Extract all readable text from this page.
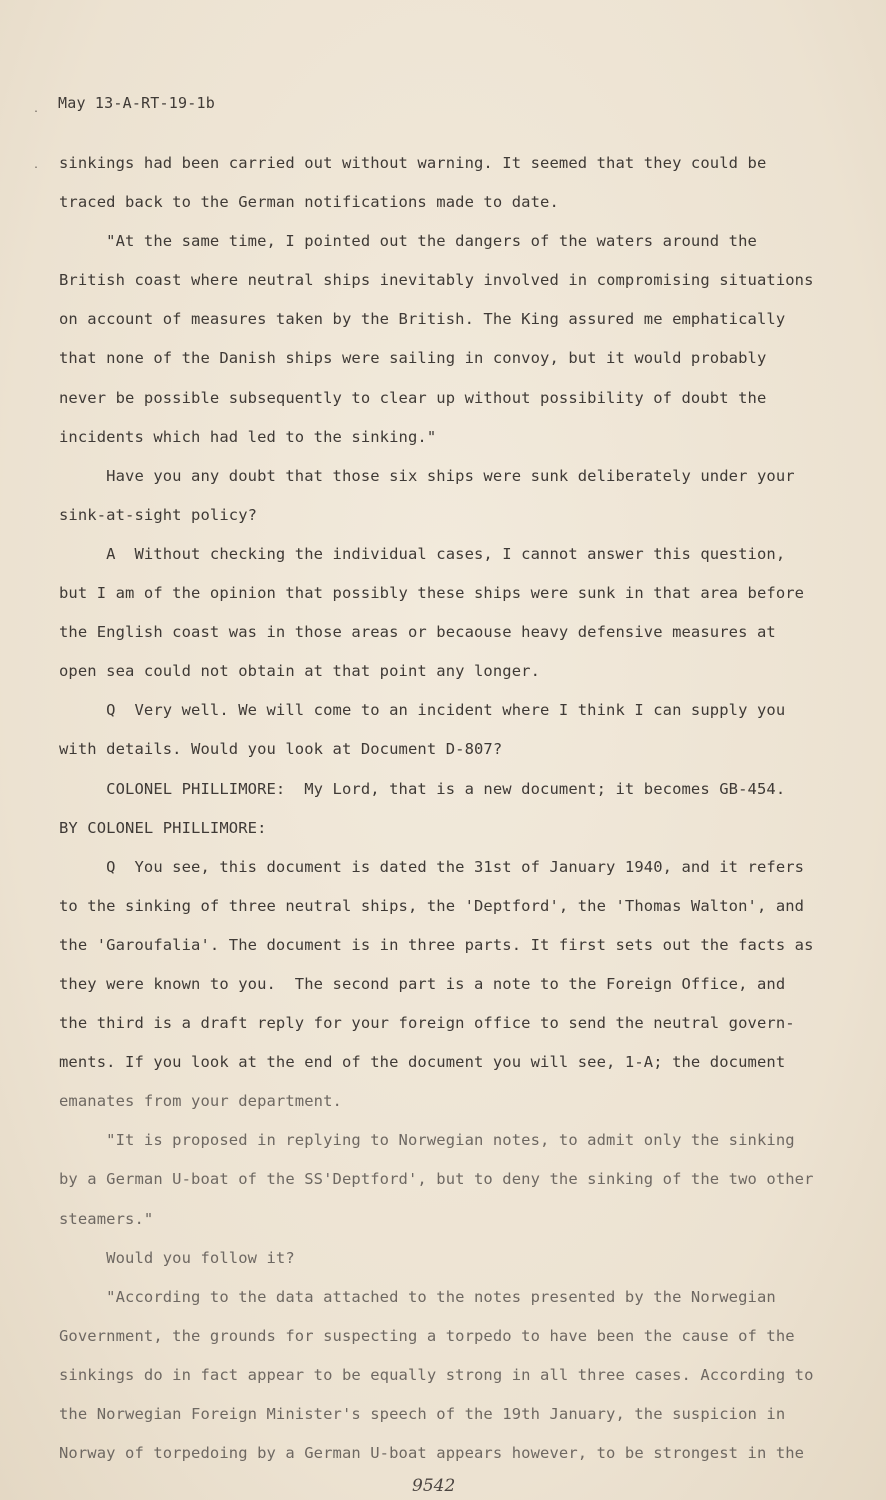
.
.
May 13-A-RT-19-1b
sinkings had been carried out without warning. It seemed that they could be
traced back to the German notifications made to date.
"At the same time, I pointed out the dangers of the waters around the
British coast where neutral ships inevitably involved in compromising situations
on account of measures taken by the British. The King assured me emphatically
that none of the Danish ships were sailing in convoy, but it would probably
never be possible subsequently to clear up without possibility of doubt the
incidents which had led to the sinking."
Have you any doubt that those six ships were sunk deliberately under your
sink-at-sight policy?
A  Without checking the individual cases, I cannot answer this question,
but I am of the opinion that possibly these ships were sunk in that area before
the English coast was in those areas or becaouse heavy defensive measures at
open sea could not obtain at that point any longer.
Q  Very well. We will come to an incident where I think I can supply you
with details. Would you look at Document D-807?
COLONEL PHILLIMORE:  My Lord, that is a new document; it becomes GB-454.
BY COLONEL PHILLIMORE:
Q  You see, this document is dated the 31st of January 1940, and it refers
to the sinking of three neutral ships, the 'Deptford', the 'Thomas Walton', and
the 'Garoufalia'. The document is in three parts. It first sets out the facts as
they were known to you.  The second part is a note to the Foreign Office, and
the third is a draft reply for your foreign office to send the neutral govern-
ments. If you look at the end of the document you will see, 1-A; the document
emanates from your department.
"It is proposed in replying to Norwegian notes, to admit only the sinking
by a German U-boat of the SS'Deptford', but to deny the sinking of the two other
steamers."
Would you follow it?
"According to the data attached to the notes presented by the Norwegian
Government, the grounds for suspecting a torpedo to have been the cause of the
sinkings do in fact appear to be equally strong in all three cases. According to
the Norwegian Foreign Minister's speech of the 19th January, the suspicion in
Norway of torpedoing by a German U-boat appears however, to be strongest in the
9542
